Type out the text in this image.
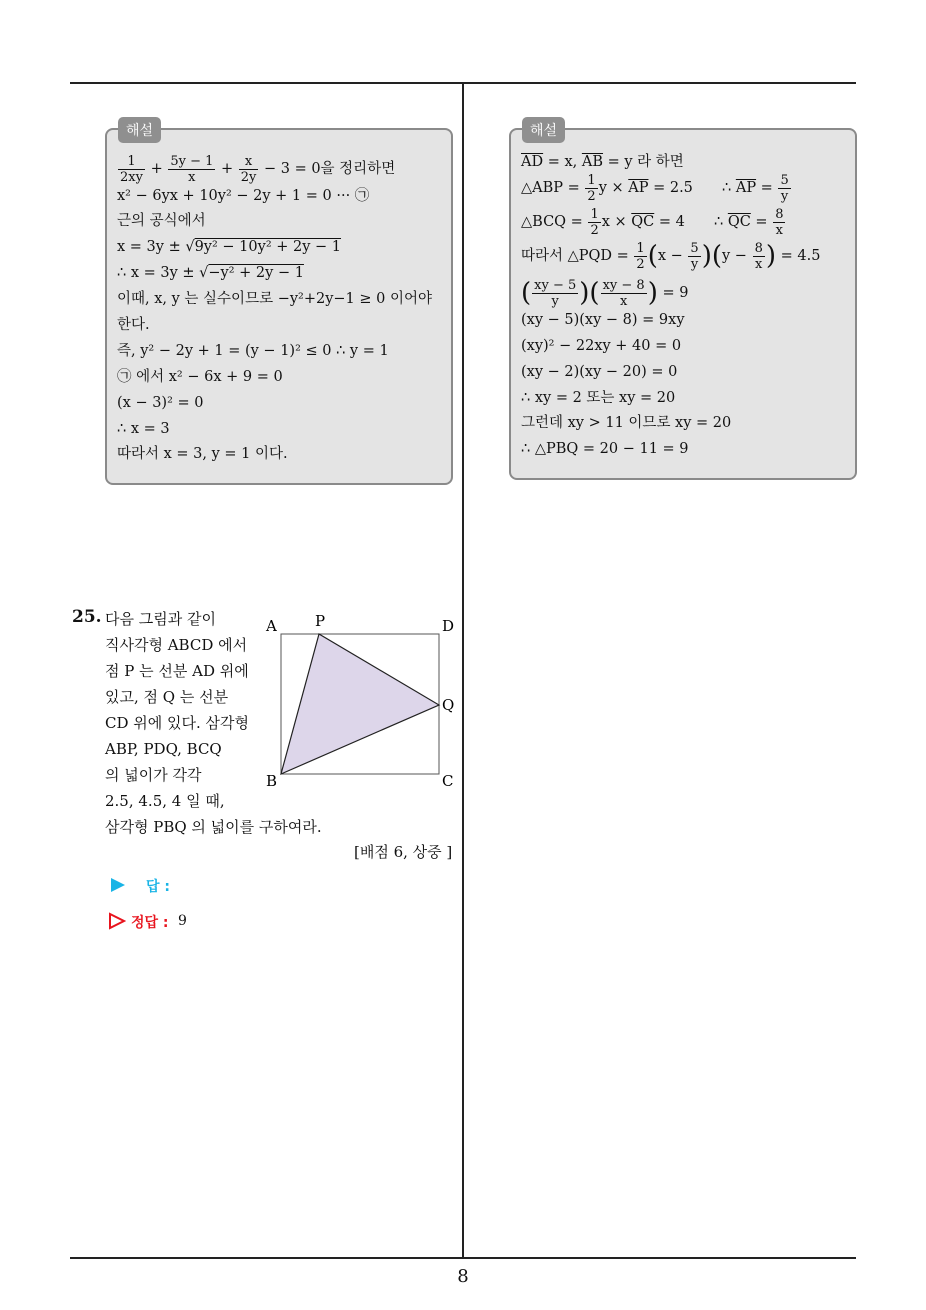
8
해설
$\frac{1}{2xy} + \frac{5y - 1}{x} + \frac{x}{2y} - 3 = 0$을 정리하면
x² − 6yx + 10y² − 2y + 1 = 0 ··· ㉠
근의 공식에서
x = 3y ± √9y² − 10y² + 2y − 1
∴ x = 3y ± √−y² + 2y − 1
이때, x, y 는 실수이므로 −y²+2y−1 ≥ 0 이어야
한다.
즉, y² − 2y + 1 = (y − 1)² ≤ 0 ∴ y = 1
㉠ 에서 x² − 6x + 9 = 0
(x − 3)² = 0
∴ x = 3
따라서 x = 3, y = 1 이다.
해설
$\overline{AD} = x$, $\overline{AB} = y$ 라 하면
△ABP = $\frac{1}{2}$ $y \times \overline{AP} = 2.5$ ∴ $\overline{AP} = \frac{5}{y}$
△BCQ = $\frac{1}{2}$ $x \times \overline{QC} = 4$ ∴ $\overline{QC} = \frac{8}{x}$
따라서 △PQD = $\frac{1}{2} (x - \frac{5}{y} )(y - \frac{8}{x}$ ) = 4.5
( $\frac{xy - 5}{y}$ )( $\frac{xy - 8}{x}$ ) = 9
(xy − 5)(xy − 8) = 9xy
(xy)² − 22xy + 40 = 0
(xy − 2)(xy − 20) = 0
∴ xy = 2 또는 xy = 20
그런데 xy > 11 이므로 xy = 20
∴ △PBQ = 20 − 11 = 9
25. 다음 그림과 같이
직사각형 ABCD 에서
점 P 는 선분 AD 위에
있고, 점 Q 는 선분
CD 위에 있다. 삼각형
ABP, PDQ, BCQ
의 넓이가 각각
2.5, 4.5, 4 일 때,
삼각형 PBQ 의 넓이를 구하여라.
A	P	D
Q
B	C
[배점 6, 상중 ]
답 :
정답 : 9
